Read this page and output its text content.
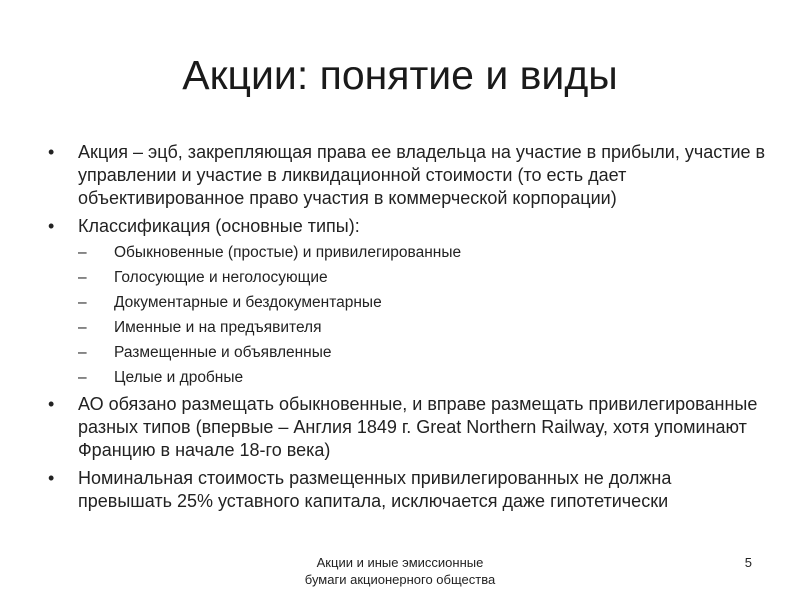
Акции: понятие и виды
•	Акция – эцб, закрепляющая права ее владельца на участие в прибыли, участие в управлении и участие в ликвидационной стоимости (то есть дает объективированное право участия в коммерческой корпорации)
•	Классификация (основные типы):
–	Обыкновенные (простые) и привилегированные
–	Голосующие и неголосующие
–	Документарные и бездокументарные
–	Именные и на предъявителя
–	Размещенные и объявленные
–	Целые и дробные
•	АО обязано размещать обыкновенные, и вправе размещать привилегированные разных типов (впервые – Англия 1849 г. Great Northern Railway, хотя упоминают Францию в начале 18-го века)
•	Номинальная стоимость размещенных привилегированных не должна превышать 25% уставного капитала, исключается даже гипотетически
Акции и иные эмиссионные
бумаги акционерного общества
5
